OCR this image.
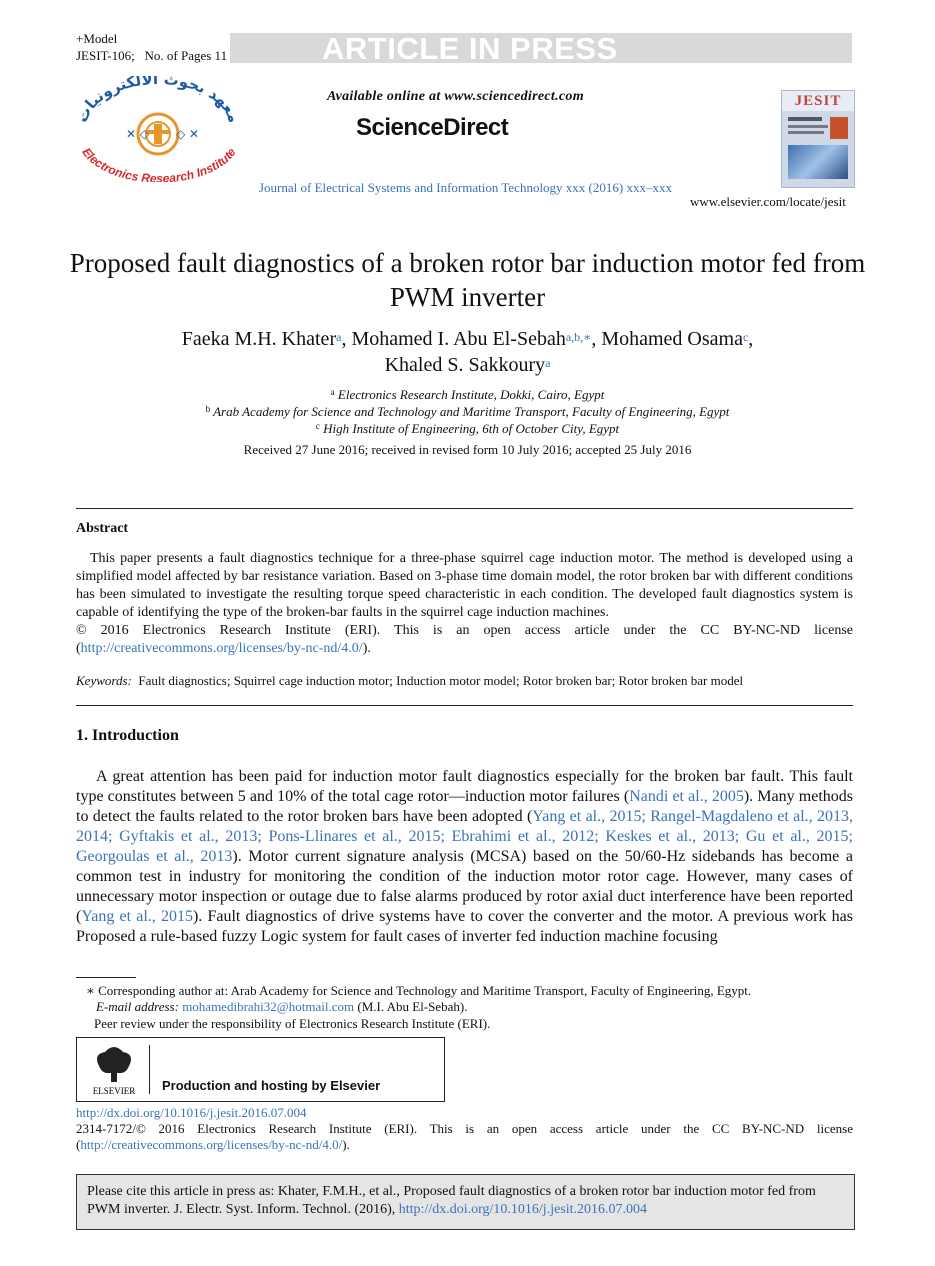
+Model
JESIT-106; No. of Pages 11	ARTICLE IN PRESS
معهد بحوث الالكترونيات
Electronics Research Institute
✕ ◇ ◇ ✕
Available online at www.sciencedirect.com
ScienceDirect
Journal of Electrical Systems and Information Technology xxx (2016) xxx–xxx
www.elsevier.com/locate/jesit
JESIT
Proposed fault diagnostics of a broken rotor bar induction motor fed from PWM inverter
Faeka M.H. Khater$^a$, Mohamed I. Abu El-Sebah$^{a,b,∗}$, Mohamed Osama$^c$,
Khaled S. Sakkoury$^a$
$^a$ Electronics Research Institute, Dokki, Cairo, Egypt
$^b$ Arab Academy for Science and Technology and Maritime Transport, Faculty of Engineering, Egypt
$^c$ High Institute of Engineering, 6th of October City, Egypt
Received 27 June 2016; received in revised form 10 July 2016; accepted 25 July 2016
Abstract
This paper presents a fault diagnostics technique for a three-phase squirrel cage induction motor. The method is developed using a simplified model affected by bar resistance variation. Based on 3-phase time domain model, the rotor broken bar with different conditions has been simulated to investigate the resulting torque speed characteristic in each condition. The developed fault diagnostics system is capable of identifying the type of the broken-bar faults in the squirrel cage induction machines.
© 2016 Electronics Research Institute (ERI). This is an open access article under the CC BY-NC-ND license (http://creativecommons.org/licenses/by-nc-nd/4.0/).
Keywords: Fault diagnostics; Squirrel cage induction motor; Induction motor model; Rotor broken bar; Rotor broken bar model
1. Introduction
A great attention has been paid for induction motor fault diagnostics especially for the broken bar fault. This fault type constitutes between 5 and 10% of the total cage rotor—induction motor failures (Nandi et al., 2005). Many methods to detect the faults related to the rotor broken bars have been adopted (Yang et al., 2015; Rangel-Magdaleno et al., 2013, 2014; Gyftakis et al., 2013; Pons-Llinares et al., 2015; Ebrahimi et al., 2012; Keskes et al., 2013; Gu et al., 2015; Georgoulas et al., 2013). Motor current signature analysis (MCSA) based on the 50/60-Hz sidebands has become a common test in industry for monitoring the condition of the induction motor rotor cage. However, many cases of unnecessary motor inspection or outage due to false alarms produced by rotor axial duct interference have been reported (Yang et al., 2015). Fault diagnostics of drive systems have to cover the converter and the motor. A previous work has Proposed a rule-based fuzzy Logic system for fault cases of inverter fed induction machine focusing
∗ Corresponding author at: Arab Academy for Science and Technology and Maritime Transport, Faculty of Engineering, Egypt.
E-mail address: mohamedibrahi32@hotmail.com (M.I. Abu El-Sebah).
Peer review under the responsibility of Electronics Research Institute (ERI).
ELSEVIER Production and hosting by Elsevier
http://dx.doi.org/10.1016/j.jesit.2016.07.004
2314-7172/© 2016 Electronics Research Institute (ERI). This is an open access article under the CC BY-NC-ND license
(http://creativecommons.org/licenses/by-nc-nd/4.0/).
Please cite this article in press as: Khater, F.M.H., et al., Proposed fault diagnostics of a broken rotor bar induction motor fed from PWM inverter. J. Electr. Syst. Inform. Technol. (2016), http://dx.doi.org/10.1016/j.jesit.2016.07.004
